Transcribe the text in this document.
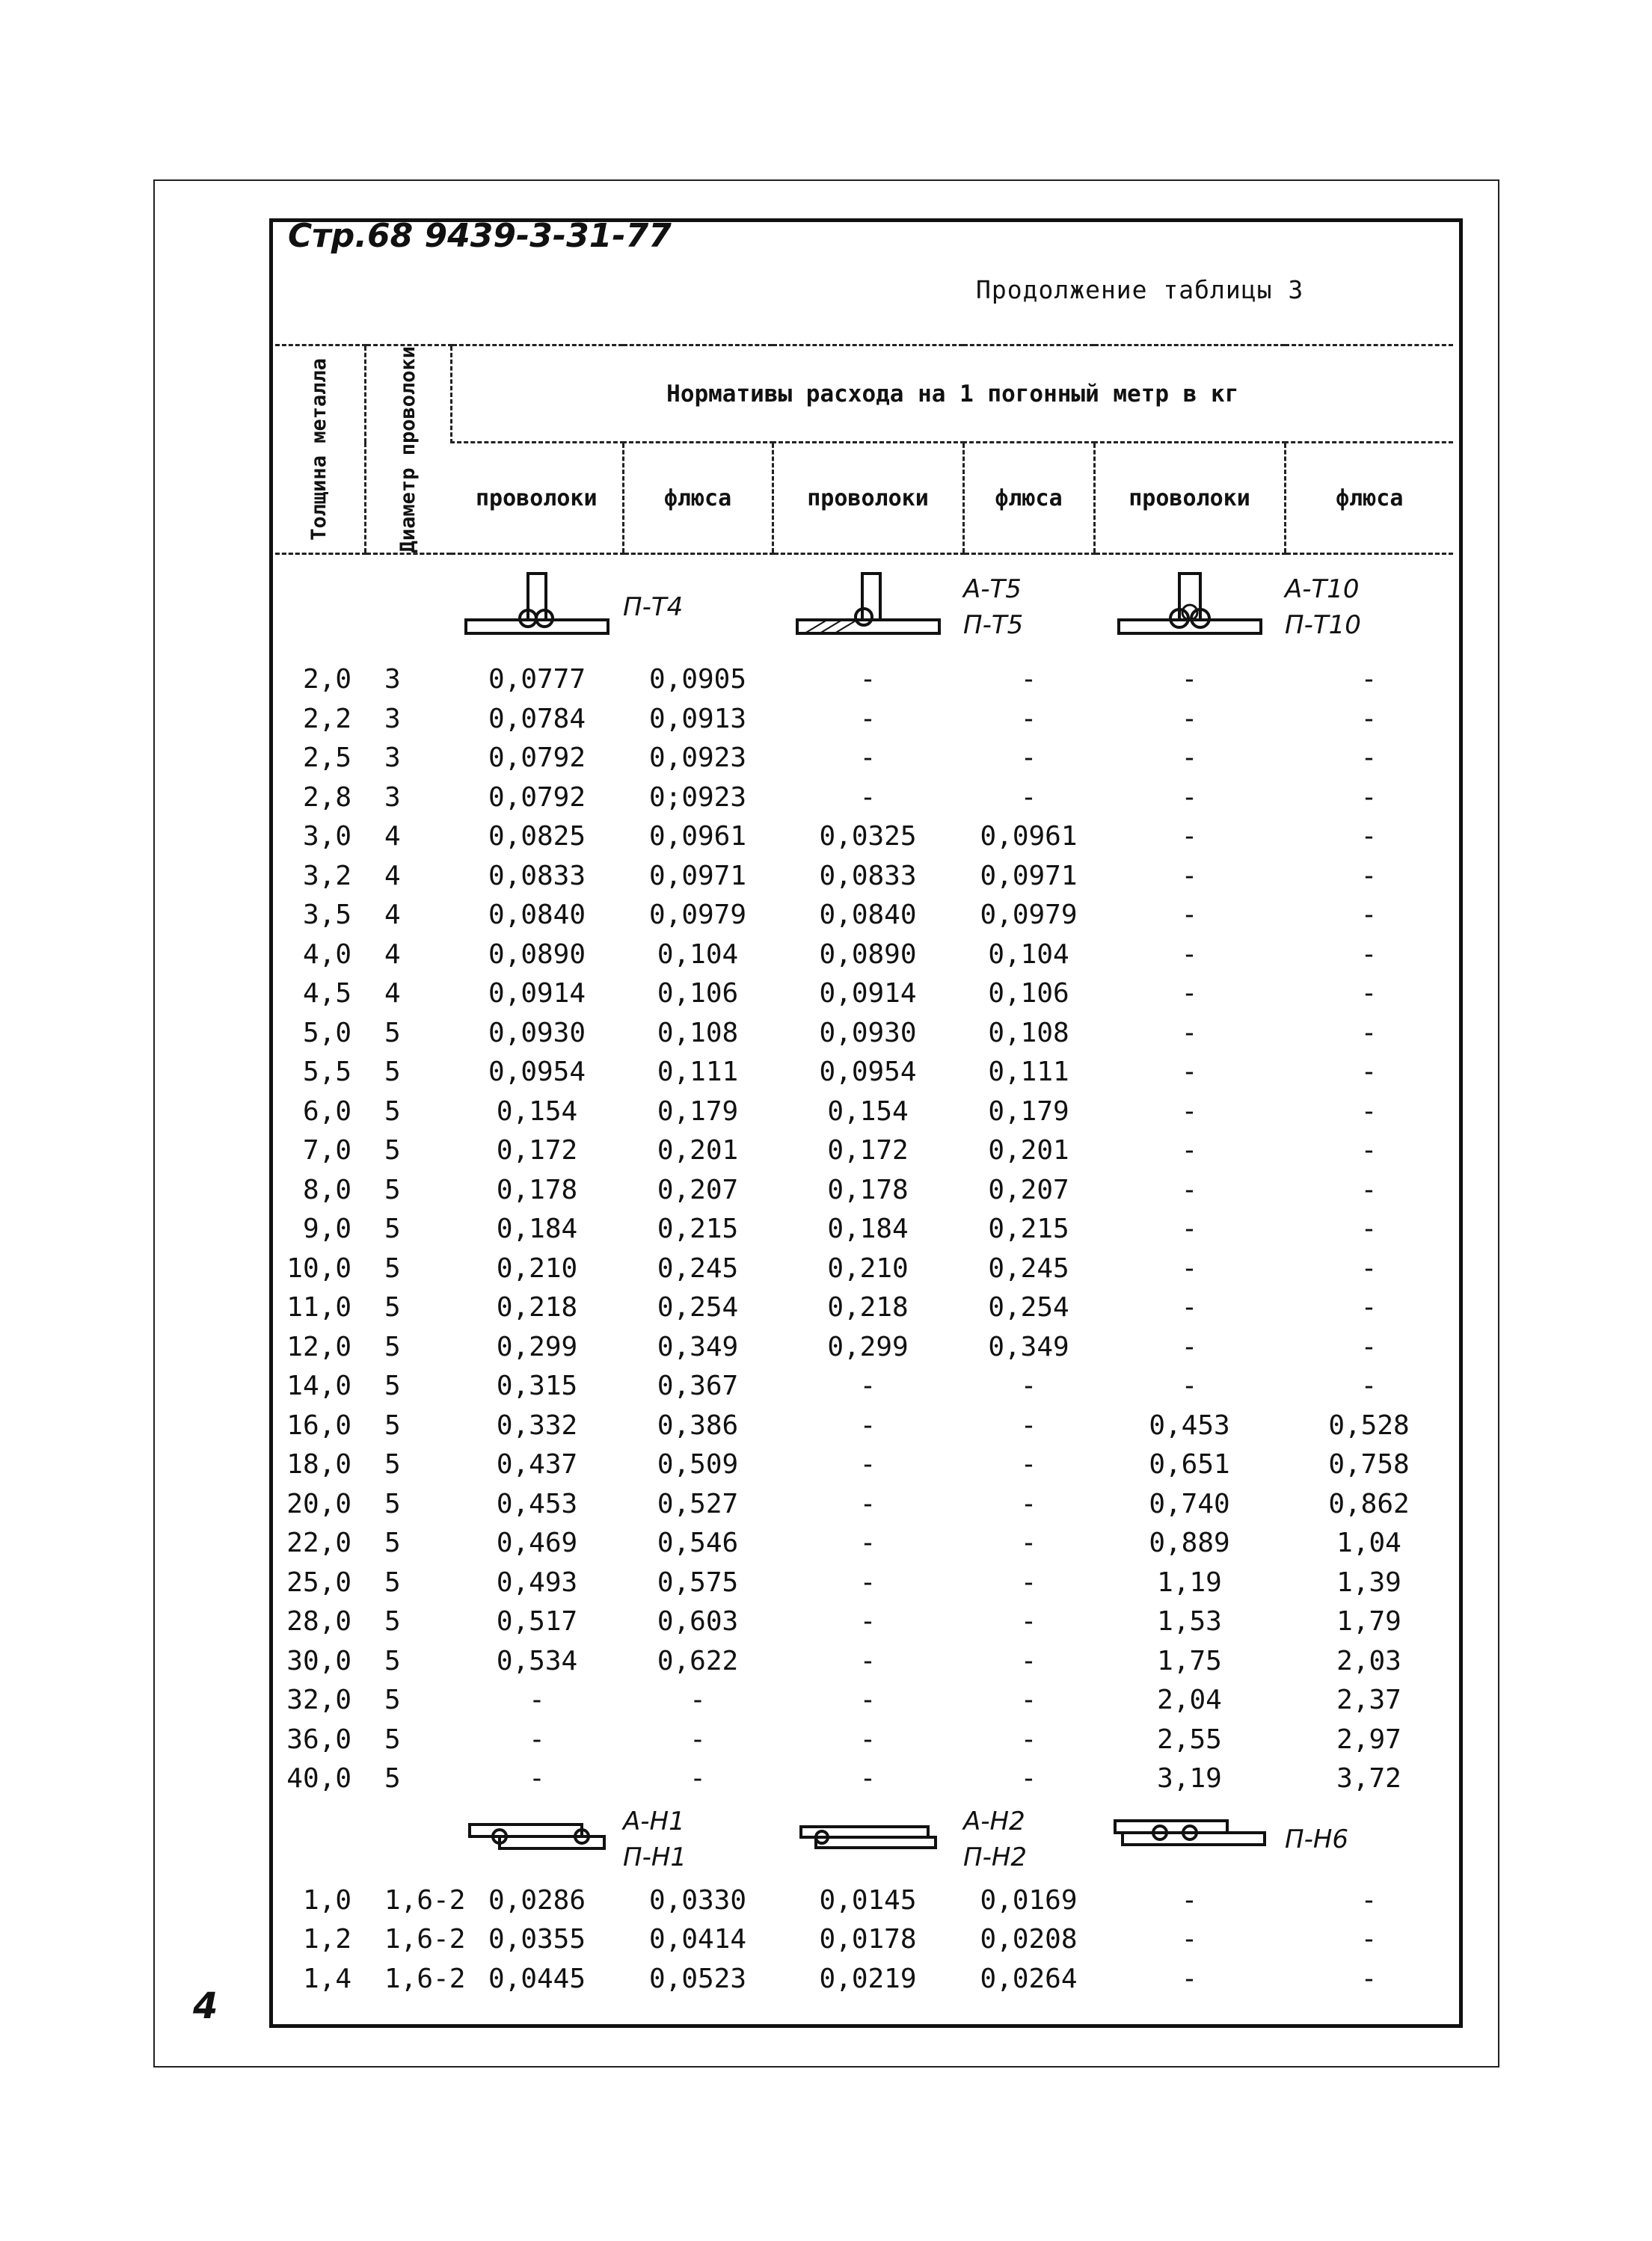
Стр.68 9439-3-31-77
Продолжение таблицы 3
4
Толщина металла	Диаметр проволоки	Нормативы расхода на 1 погонный метр в кг					
		проволоки	флюса	проволоки	флюса	проволоки	флюса

П-Т4		А-Т5
П-Т5		А-Т10
П-Т10

2,0	3	0,0777	0,0905	-	-	-	-
2,2	3	0,0784	0,0913	-	-	-	-
2,5	3	0,0792	0,0923	-	-	-	-
2,8	3	0,0792	0;0923	-	-	-	-
3,0	4	0,0825	0,0961	0,0325	0,0961	-	-
3,2	4	0,0833	0,0971	0,0833	0,0971	-	-
3,5	4	0,0840	0,0979	0,0840	0,0979	-	-
4,0	4	0,0890	0,104	0,0890	0,104	-	-
4,5	4	0,0914	0,106	0,0914	0,106	-	-
5,0	5	0,0930	0,108	0,0930	0,108	-	-
5,5	5	0,0954	0,111	0,0954	0,111	-	-
6,0	5	0,154	0,179	0,154	0,179	-	-
7,0	5	0,172	0,201	0,172	0,201	-	-
8,0	5	0,178	0,207	0,178	0,207	-	-
9,0	5	0,184	0,215	0,184	0,215	-	-
10,0	5	0,210	0,245	0,210	0,245	-	-
11,0	5	0,218	0,254	0,218	0,254	-	-
12,0	5	0,299	0,349	0,299	0,349	-	-
14,0	5	0,315	0,367	-	-	-	-
16,0	5	0,332	0,386	-	-	0,453	0,528
18,0	5	0,437	0,509	-	-	0,651	0,758
20,0	5	0,453	0,527	-	-	0,740	0,862
22,0	5	0,469	0,546	-	-	0,889	1,04
25,0	5	0,493	0,575	-	-	1,19	1,39
28,0	5	0,517	0,603	-	-	1,53	1,79
30,0	5	0,534	0,622	-	-	1,75	2,03
32,0	5	-	-	-	-	2,04	2,37
36,0	5	-	-	-	-	2,55	2,97
40,0	5	-	-	-	-	3,19	3,72

А-Н1
П-Н1		А-Н2
П-Н2		П-Н6

1,0	1,6-2	0,0286	0,0330	0,0145	0,0169	-	-
1,2	1,6-2	0,0355	0,0414	0,0178	0,0208	-	-
1,4	1,6-2	0,0445	0,0523	0,0219	0,0264	-	-
